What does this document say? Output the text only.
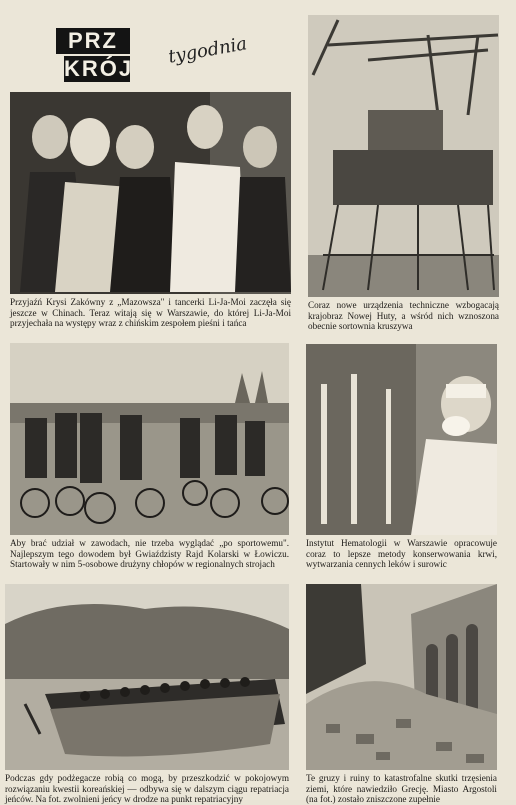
PRZ
KRÓJ
tygodnia
Przyjaźń Krysi Zakówny z „Mazowsza" i tancerki Li-Ja-Moi zaczęła się jeszcze w Chinach. Teraz witają się w Warszawie, do której Li-Ja-Moi przyjechała na występy wraz z chińskim zespołem pieśni i tańca
Coraz nowe urządzenia techniczne wzbogacają krajobraz Nowej Huty, a wśród nich wznoszona obecnie sortownia kruszywa
Aby brać udział w zawodach, nie trzeba wyglądać „po sportowemu". Najlepszym tego dowodem był Gwiaździsty Rajd Kolarski w Łowiczu. Startowały w nim 5-osobowe drużyny chłopów w regionalnych strojach
Instytut Hematologii w Warszawie opracowuje coraz to lepsze metody konserwowania krwi, wytwarzania cennych leków i surowic
Podczas gdy podżegacze robią co mogą, by przeszkodzić w pokojowym rozwiązaniu kwestii koreańskiej — odbywa się w dalszym ciągu repatriacja jeńców. Na fot. zwolnieni jeńcy w drodze na punkt repatriacyjny
Te gruzy i ruiny to katastrofalne skutki trzęsienia ziemi, które nawiedziło Grecję. Miasto Argostoli (na fot.) zostało zniszczone zupełnie
